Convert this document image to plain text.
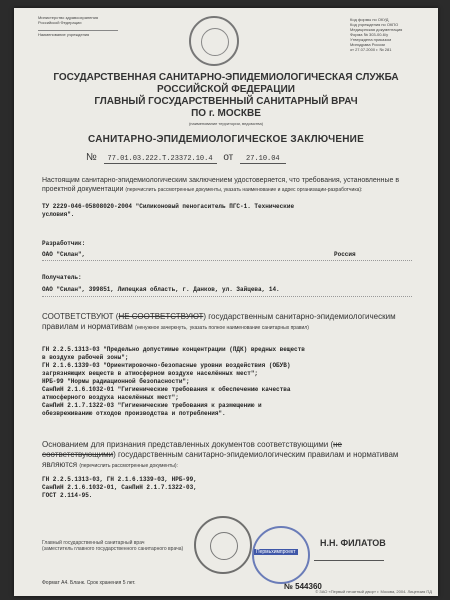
Министерство здравоохранения
Российской Федерации
Наименование учреждения
Код формы по ОКУД
Код учреждения по ОКПО
Медицинская документация
Форма № 303-00-6/у
Утверждена приказом
Минздрава России
от 27.07.2000 г. № 281
ГОСУДАРСТВЕННАЯ САНИТАРНО-ЭПИДЕМИОЛОГИЧЕСКАЯ СЛУЖБА
РОССИЙСКОЙ ФЕДЕРАЦИИ
ГЛАВНЫЙ ГОСУДАРСТВЕННЫЙ САНИТАРНЫЙ ВРАЧ
ПО г. МОСКВЕ
(наименование территории, ведомства)
САНИТАРНО-ЭПИДЕМИОЛОГИЧЕСКОЕ ЗАКЛЮЧЕНИЕ
№ 77.01.03.222.Т.23372.10.4 от 27.10.04
Настоящим санитарно-эпидемиологическим заключением удостоверяется, что требования, установленные в проектной документации (перечислить рассмотренные документы, указать наименование и адрес организации-разработчика):
ТУ 2229-046-05808020-2004 "Силиконовый пеногаситель ПГС-1. Технические
условия".
Разработчик:
ОАО "Силан",	Россия
Получатель:
ОАО "Силан", 399851, Липецкая область, г. Данков, ул. Зайцева, 14.
СООТВЕТСТВУЮТ (НЕ СООТВЕТСТВУЮТ) государственным санитарно-эпидемиологическим правилам и нормативам (ненужное зачеркнуть, указать полное наименование санитарных правил)
ГН 2.2.5.1313-03 "Предельно допустимые концентрации (ПДК) вредных веществ
в воздухе рабочей зоны";
ГН 2.1.6.1339-03 "Ориентировочно-безопасные уровни воздействия (ОБУВ)
загрязняющих веществ в атмосферном воздухе населённых мест";
НРБ-99 "Нормы радиационной безопасности";
СанПиН 2.1.6.1032-01 "Гигиенические требования к обеспечению качества
атмосферного воздуха населённых мест";
СанПиН 2.1.7.1322-03 "Гигиенические требования к размещению и
обезвреживанию отходов производства и потребления".
Основанием для признания представленных документов соответствующими (не соответствующими) государственным санитарно-эпидемиологическим правилам и нормативам являются (перечислить рассмотренные документы):
ГН 2.2.5.1313-03, ГН 2.1.6.1339-03, НРБ-99,
СанПиН 2.1.6.1032-01, СанПиН 2.1.7.1322-03,
ГОСТ 2.114-95.
Главный государственный санитарный врач
(заместитель главного государственного санитарного врача)	Пермьхимпроект
Н.Н. ФИЛАТОВ
Формат А4. Бланк. Срок хранения 5 лет.	№ 544360
© ЗАО «Первый печатный двор» г. Москва, 2004. Лицензия ПД
